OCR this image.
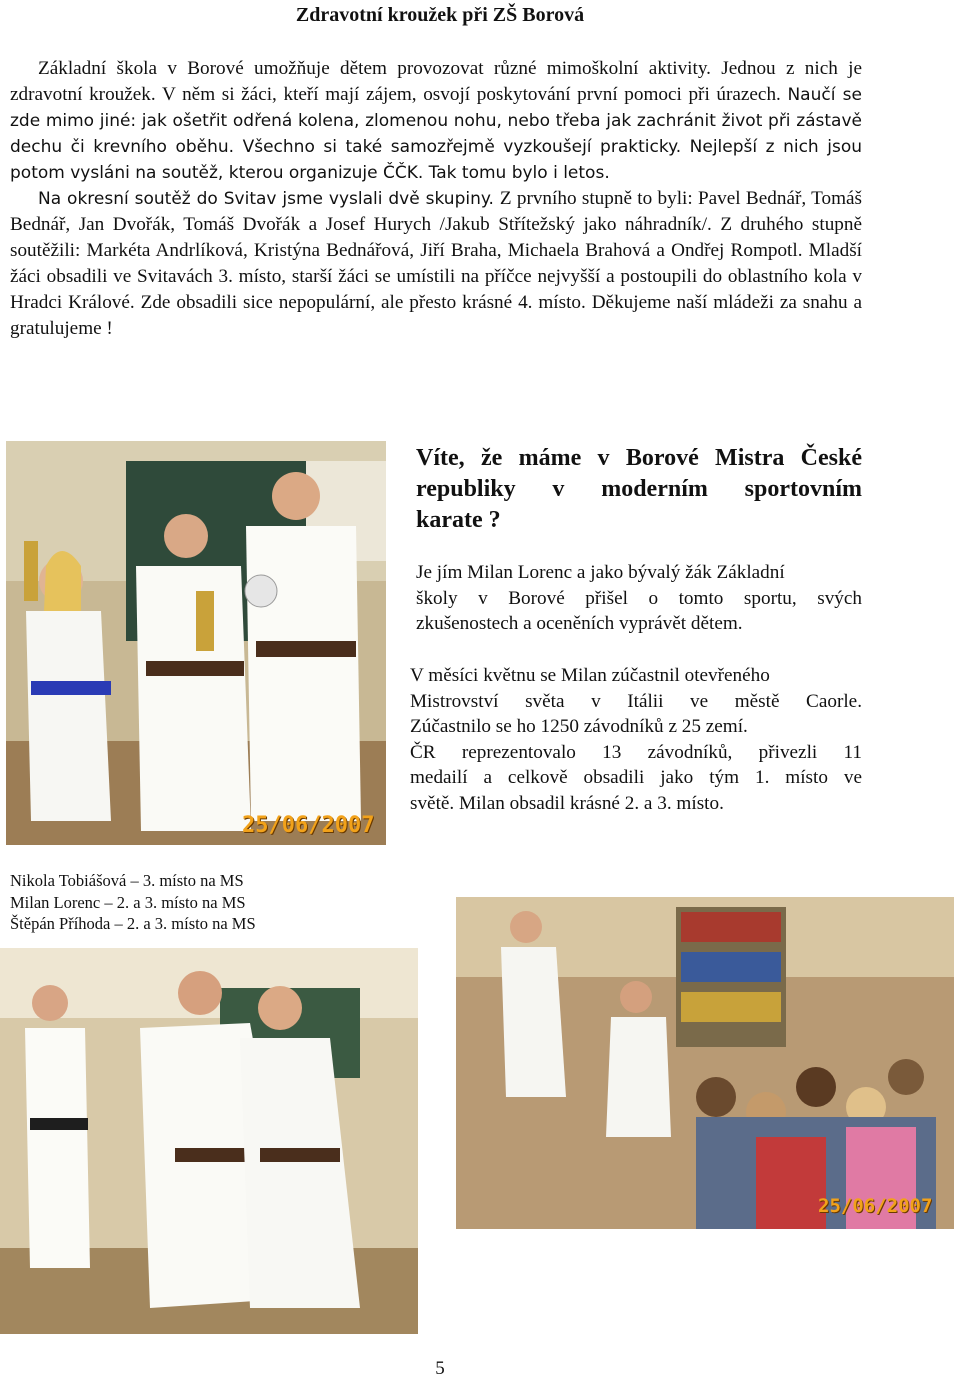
Zdravotní kroužek při ZŠ Borová

Základní škola v Borové umožňuje dětem provozovat různé mimoškolní aktivity. Jednou z nich je zdravotní kroužek. V něm si žáci, kteří mají zájem, osvojí poskytování první pomoci při úrazech. Naučí se zde mimo jiné: jak ošetřit odřená kolena, zlomenou nohu, nebo třeba jak zachránit život při zástavě dechu či krevního oběhu. Všechno si také samozřejmě vyzkoušejí prakticky. Nejlepší z nich jsou potom vysláni na soutěž, kterou organizuje ČČK. Tak tomu bylo i letos.

Na okresní soutěž do Svitav jsme vyslali dvě skupiny. Z prvního stupně to byli: Pavel Bednář, Tomáš Bednář, Jan Dvořák, Tomáš Dvořák a Josef Hurych /Jakub Střítežský jako náhradník/. Z druhého stupně soutěžili: Markéta Andrlíková, Kristýna Bednářová, Jiří Braha, Michaela Brahová a Ondřej Rompotl. Mladší žáci obsadili ve Svitavách 3. místo, starší žáci se umístili na příčce nejvyšší a postoupili do oblastního kola v Hradci Králové. Zde obsadili sice nepopulární, ale přesto krásné 4. místo. Děkujeme naší mládeži za snahu a gratulujeme !

25/06/2007
Víte, že máme v Borové Mistra České
republiky v moderním sportovním
karate ?
Je jím Milan Lorenc a jako bývalý žák Základní
školy v Borové přišel o tomto sportu, svých
zkušenostech a oceněních vyprávět dětem.
V měsíci květnu se Milan zúčastnil otevřeného
Mistrovství světa v Itálii ve městě Caorle.
Zúčastnilo se ho 1250 závodníků z 25 zemí.
ČR reprezentovalo 13 závodníků, přivezli 11
medailí a celkově obsadili jako tým 1. místo ve
světě. Milan obsadil krásné 2. a 3. místo.
Nikola Tobiášová – 3. místo na MS
Milan Lorenc – 2. a 3. místo na MS
Štěpán Příhoda – 2. a 3. místo na MS
25/06/2007
5
